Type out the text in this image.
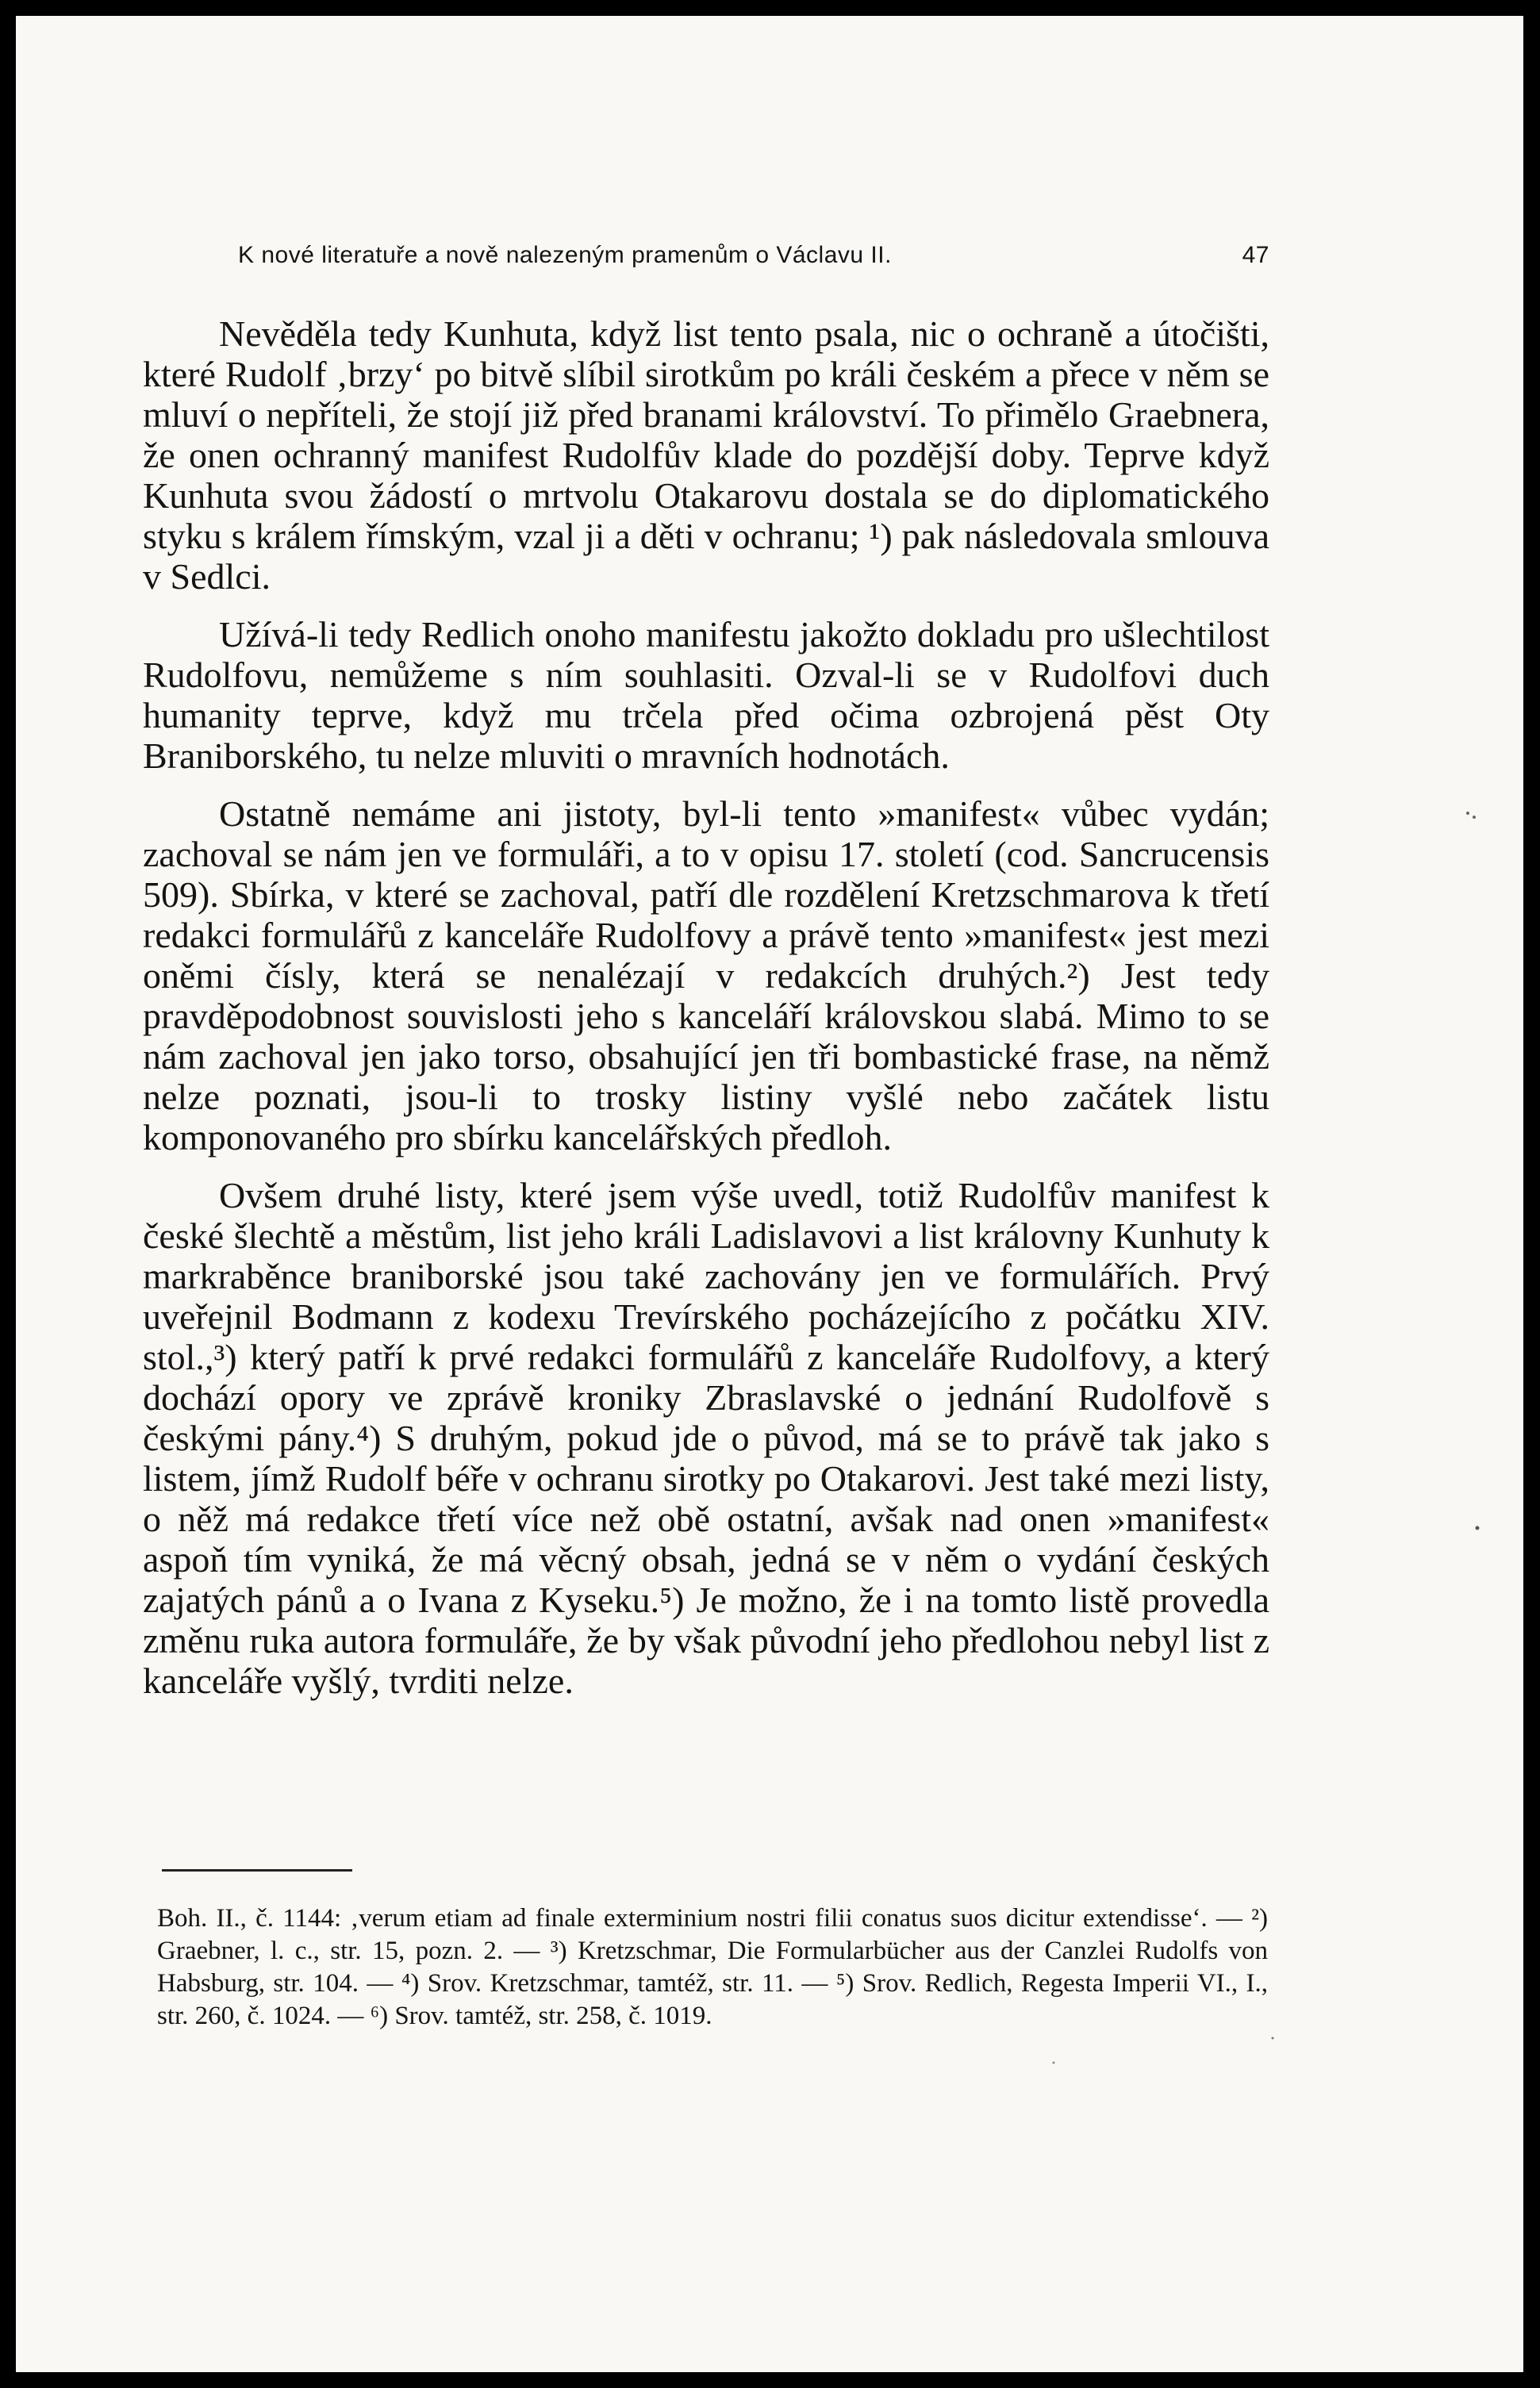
K nové literatuře a nově nalezeným pramenům o Václavu II.	47

Nevěděla tedy Kunhuta, když list tento psala, nic o ochraně a útočišti, které Rudolf ‚brzy‘ po bitvě slíbil sirotkům po králi českém a přece v něm se mluví o nepříteli, že stojí již před branami království. To přimělo Graebnera, že onen ochranný manifest Rudolfův klade do pozdější doby. Teprve když Kunhuta svou žádostí o mrtvolu Otakarovu dostala se do diplomatického styku s králem římským, vzal ji a děti v ochranu; ¹) pak následovala smlouva v Sedlci.

Užívá-li tedy Redlich onoho manifestu jakožto dokladu pro ušlechtilost Rudolfovu, nemůžeme s ním souhlasiti. Ozval-li se v Rudolfovi duch humanity teprve, když mu trčela před očima ozbrojená pěst Oty Braniborského, tu nelze mluviti o mravních hodnotách.

Ostatně nemáme ani jistoty, byl-li tento »manifest« vůbec vydán; zachoval se nám jen ve formuláři, a to v opisu 17. století (cod. Sancrucensis 509). Sbírka, v které se zachoval, patří dle rozdělení Kretzschmarova k třetí redakci formulářů z kanceláře Rudolfovy a právě tento »manifest« jest mezi oněmi čísly, která se nenalézají v redakcích druhých.²) Jest tedy pravděpodobnost souvislosti jeho s kanceláří královskou slabá. Mimo to se nám zachoval jen jako torso, obsahující jen tři bombastické frase, na němž nelze poznati, jsou-li to trosky listiny vyšlé nebo začátek listu komponovaného pro sbírku kancelářských předloh.

Ovšem druhé listy, které jsem výše uvedl, totiž Rudolfův manifest k české šlechtě a městům, list jeho králi Ladislavovi a list královny Kunhuty k markraběnce braniborské jsou také zachovány jen ve formulářích. Prvý uveřejnil Bodmann z kodexu Trevírského pocházejícího z počátku XIV. stol.,³) který patří k prvé redakci formulářů z kanceláře Rudolfovy, a který dochází opory ve zprávě kroniky Zbraslavské o jednání Rudolfově s českými pány.⁴) S druhým, pokud jde o původ, má se to právě tak jako s listem, jímž Rudolf béře v ochranu sirotky po Otakarovi. Jest také mezi listy, o něž má redakce třetí více než obě ostatní, avšak nad onen »manifest« aspoň tím vyniká, že má věcný obsah, jedná se v něm o vydání českých zajatých pánů a o Ivana z Kyseku.⁵) Je možno, že i na tomto listě provedla změnu ruka autora formuláře, že by však původní jeho předlohou nebyl list z kanceláře vyšlý, tvrditi nelze.

Boh. II., č. 1144: ‚verum etiam ad finale exterminium nostri filii conatus suos dicitur extendisse‘. — ²) Graebner, l. c., str. 15, pozn. 2. — ³) Kretzschmar, Die Formularbücher aus der Canzlei Rudolfs von Habsburg, str. 104. — ⁴) Srov. Kretzschmar, tamtéž, str. 11. — ⁵) Srov. Redlich, Regesta Imperii VI., I., str. 260, č. 1024. — ⁶) Srov. tamtéž, str. 258, č. 1019.
